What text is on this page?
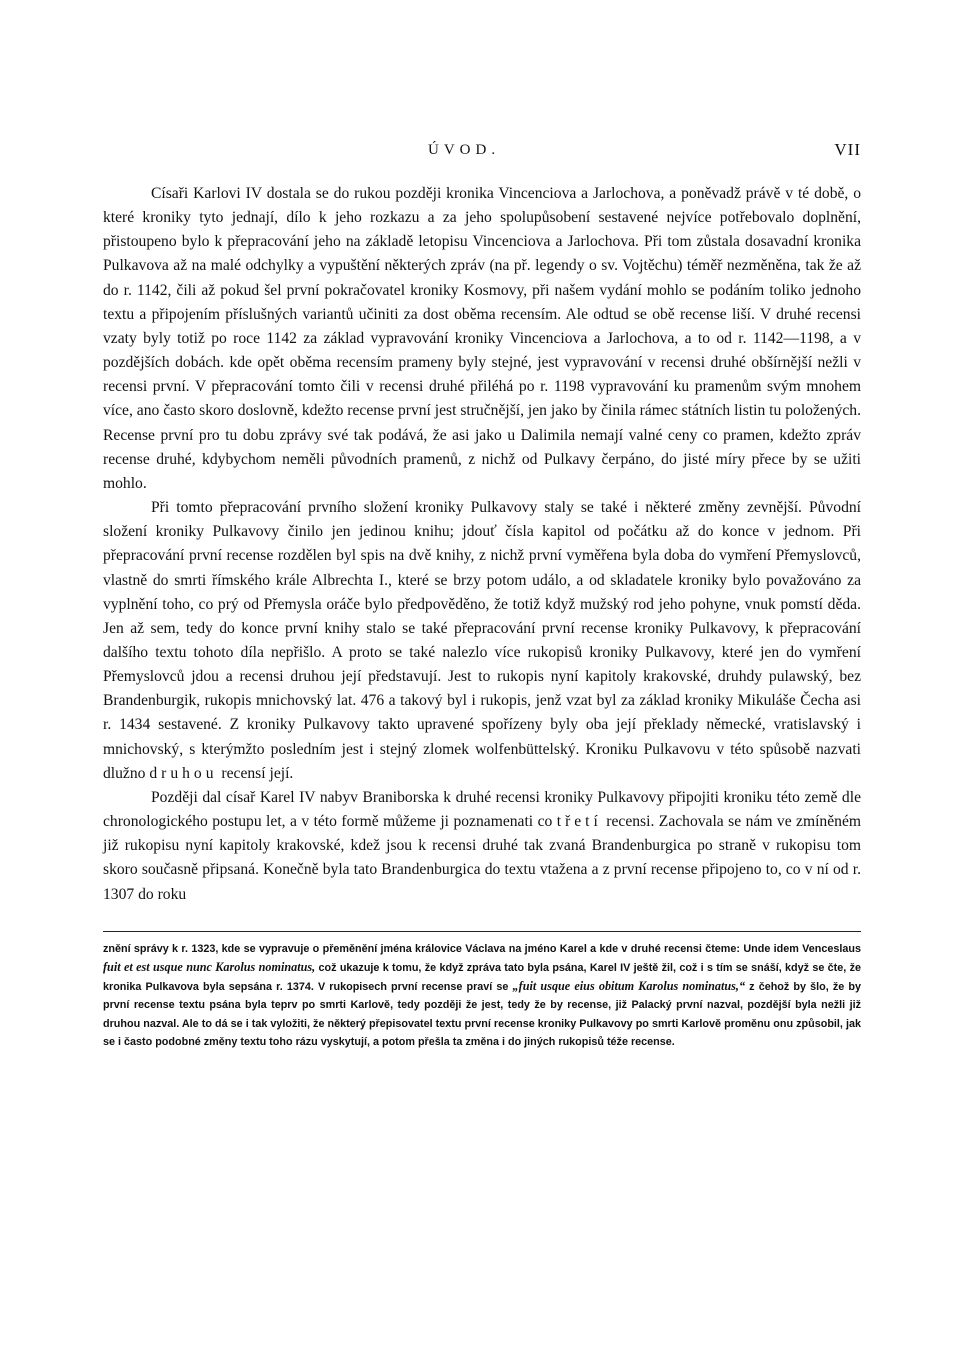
ÚVOD.	VII

Císaři Karlovi IV dostala se do rukou později kronika Vincenciova a Jarlochova, a poněvadž právě v té době, o které kroniky tyto jednají, dílo k jeho rozkazu a za jeho spolupůsobení sestavené nejvíce potřebovalo doplnění, přistoupeno bylo k přepracování jeho na základě letopisu Vincenciova a Jarlochova. Při tom zůstala dosavadní kronika Pulkavova až na malé odchylky a vypuštění některých zpráv (na př. legendy o sv. Vojtěchu) téměř nezměněna, tak že až do r. 1142, čili až pokud šel první pokračovatel kroniky Kosmovy, při našem vydání mohlo se podáním toliko jednoho textu a připojením příslušných variantů učiniti za dost oběma recensím. Ale odtud se obě recense liší. V druhé recensi vzaty byly totiž po roce 1142 za základ vypravování kroniky Vincenciova a Jarlochova, a to od r. 1142—1198, a v pozdějších dobách. kde opět oběma recensím prameny byly stejné, jest vypravování v recensi druhé obšírnější nežli v recensi první. V přepracování tomto čili v recensi druhé přiléhá po r. 1198 vypravování ku pramenům svým mnohem více, ano často skoro doslovně, kdežto recense první jest stručnější, jen jako by činila rámec státních listin tu položených. Recense první pro tu dobu zprávy své tak podává, že asi jako u Dalimila nemají valné ceny co pramen, kdežto zpráv recense druhé, kdybychom neměli původních pramenů, z nichž od Pulkavy čerpáno, do jisté míry přece by se užiti mohlo.

Při tomto přepracování prvního složení kroniky Pulkavovy staly se také i některé změny zevnější. Původní složení kroniky Pulkavovy činilo jen jedinou knihu; jdouť čísla kapitol od počátku až do konce v jednom. Při přepracování první recense rozdělen byl spis na dvě knihy, z nichž první vyměřena byla doba do vymření Přemyslovců, vlastně do smrti římského krále Albrechta I., které se brzy potom událo, a od skladatele kroniky bylo považováno za vyplnění toho, co prý od Přemysla oráče bylo předpověděno, že totiž když mužský rod jeho pohyne, vnuk pomstí děda. Jen až sem, tedy do konce první knihy stalo se také přepracování první recense kroniky Pulkavovy, k přepracování dalšího textu tohoto díla nepřišlo. A proto se také nalezlo více rukopisů kroniky Pulkavovy, které jen do vymření Přemyslovců jdou a recensi druhou její představují. Jest to rukopis nyní kapitoly krakovské, druhdy pulawský, bez Brandenburgik, rukopis mnichovský lat. 476 a takový byl i rukopis, jenž vzat byl za základ kroniky Mikuláše Čecha asi r. 1434 sestavené. Z kroniky Pulkavovy takto upravené spořízeny byly oba její překlady německé, vratislavský i mnichovský, s kterýmžto posledním jest i stejný zlomek wolfenbüttelský. Kroniku Pulkavovu v této spůsobě nazvati dlužno druhou recensí její.

Později dal císař Karel IV nabyv Braniborska k druhé recensi kroniky Pulkavovy připojiti kroniku této země dle chronologického postupu let, a v této formě můžeme ji poznamenati co třetí recensi. Zachovala se nám ve zmíněném již rukopisu nyní kapitoly krakovské, kdež jsou k recensi druhé tak zvaná Brandenburgica po straně v rukopisu tom skoro současně připsaná. Konečně byla tato Brandenburgica do textu vtažena a z první recense připojeno to, co v ní od r. 1307 do roku

znění správy k r. 1323, kde se vypravuje o přeměnění jména královice Václava na jméno Karel a kde v druhé recensi čteme: Unde idem Venceslaus fuit et est usque nunc Karolus nominatus, což ukazuje k tomu, že když zpráva tato byla psána, Karel IV ještě žil, což i s tím se snáší, když se čte, že kronika Pulkavova byla sepsána r. 1374. V rukopisech první recense praví se „fuit usque eius obitum Karolus nominatus,“ z čehož by šlo, že by první recense textu psána byla teprv po smrti Karlově, tedy později že jest, tedy že by recense, již Palacký první nazval, pozdější byla nežli již druhou nazval. Ale to dá se i tak vyložiti, že některý přepisovatel textu první recense kroniky Pulkavovy po smrti Karlově proměnu onu způsobil, jak se i často podobné změny textu toho rázu vyskytují, a potom přešla ta změna i do jiných rukopisů téže recense.
